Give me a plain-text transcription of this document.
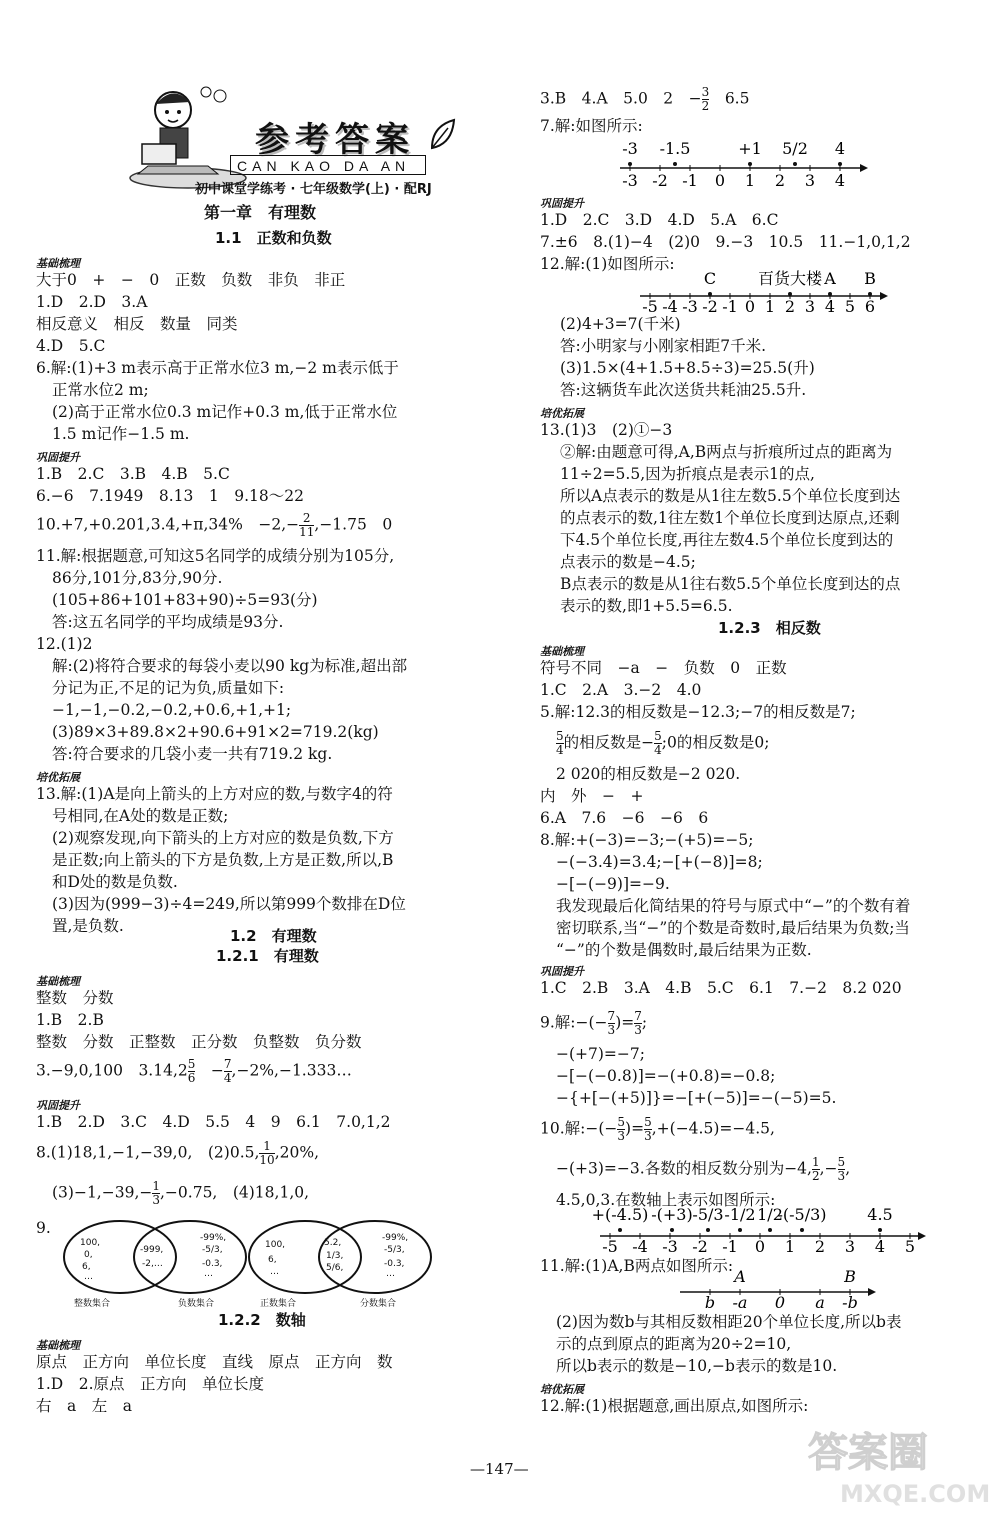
参考答案
CAN KAO DA AN
初中课堂学练考 · 七年级数学(上) · 配RJ
第一章　有理数
1.1　正数和负数
基础梳理
大于0　+　−　0　正数　负数　非负　非正
1.D　2.D　3.A
相反意义　相反　数量　同类
4.D　5.C
6.解:(1)+3 m表示高于正常水位3 m,−2 m表示低于
正常水位2 m;
(2)高于正常水位0.3 m记作+0.3 m,低于正常水位
1.5 m记作−1.5 m.
巩固提升
1.B　2.C　3.B　4.B　5.C
6.−6　7.1949　8.13　1　9.18～22
10.+7,+0.201,3.4,+π,34%　$-2,- \frac{2}{11} ,-1.75$　0
11.解:根据题意,可知这5名同学的成绩分别为105分,
86分,101分,83分,90分.
(105+86+101+83+90)÷5=93(分)
答:这五名同学的平均成绩是93分.
12.(1)2
解:(2)将符合要求的每袋小麦以90 kg为标准,超出部
分记为正,不足的记为负,质量如下:
−1,−1,−0.2,−0.2,+0.6,+1,+1;
(3)89×3+89.8×2+90.6+91×2=719.2(kg)
答:符合要求的几袋小麦一共有719.2 kg.
培优拓展
13.解:(1)A是向上箭头的上方对应的数,与数字4的符
号相同,在A处的数是正数;
(2)观察发现,向下箭头的上方对应的数是负数,下方
是正数;向上箭头的下方是负数,上方是正数,所以,B
和D处的数是负数.
(3)因为(999−3)÷4=249,所以第999个数排在D位
置,是负数.
1.2　有理数
1.2.1　有理数
基础梳理
整数　分数
1.B　2.B
整数　分数　正整数　正分数　负整数　负分数
3.−9,0,100　$3.14,2 \frac{5}{6}$ 　− $\frac{7}{4}$ ,−2%,−1.333…
巩固提升
1.B　2.D　3.C　4.D　5.5　4　9　6.1　7.0,1,2
8.(1)18,1,−1,−39,0,　(2)0.5, $\frac{1}{10} ,20\%$,
$(3)-1,-39,- \frac{1}{3} ,-0.75$,　(4)18,1,0,
9.
100,
0,
6,
…
-999,
-2,…
-99%,
-5/3,
-0.3,
…
整数集合	负数集合
100,
6,
…
5.2,
1/3,
5/6,
-99%,
-5/3,
-0.3,
…
正数集合	分数集合
1.2.2　数轴
基础梳理
原点　正方向　单位长度　直线　原点　正方向　数
1.D　2.原点　正方向　单位长度
右　a　左　a
3.B　4.A　5.0　2　− $\frac{3}{2}$ 　6.5
7.解:如图所示:
-3 -2 -1 0 1 2 3 4
-3 -1.5	+1 5/2 4
巩固提升
1.D　2.C　3.D　4.D　5.A　6.C
7.±6　8.(1)−4　(2)0　9.−3　10.5　11.−1,0,1,2
12.解:(1)如图所示:
-5 -4 -3 -2 -1 0 1 2 3 4 5 6
C	百货大楼 A B
(2)4+3=7(千米)
答:小明家与小刚家相距7千米.
(3)1.5×(4+1.5+8.5÷3)=25.5(升)
答:这辆货车此次送货共耗油25.5升.
培优拓展
13.(1)3　(2)①−3
②解:由题意可得,A,B两点与折痕所过点的距离为
11÷2=5.5,因为折痕点是表示1的点,
所以A点表示的数是从1往左数5.5个单位长度到达
的点表示的数,1往左数1个单位长度到达原点,还剩
下4.5个单位长度,再往左数4.5个单位长度到达的
点表示的数是−4.5;
B点表示的数是从1往右数5.5个单位长度到达的点
表示的数,即1+5.5=6.5.
1.2.3　相反数
基础梳理
符号不同　−a　−　负数　0　正数
1.C　2.A　3.−2　4.0
5.解:12.3的相反数是−12.3;−7的相反数是7;
$\frac{5}{4}$ 的相反数是− $\frac{5}{4}$ ;0的相反数是0;
2 020的相反数是−2 020.
内　外　−　+
6.A　7.6　−6　−6　6
8.解:+(−3)=−3;−(+5)=−5;
−(−3.4)=3.4;−[+(−8)]=8;
−[−(−9)]=−9.
我发现最后化简结果的符号与原式中“−”的个数有着
密切联系,当“−”的个数是奇数时,最后结果为负数;当
“−”的个数是偶数时,最后结果为正数.
巩固提升
1.C　2.B　3.A　4.B　5.C　6.1　7.−2　8.2 020
9.解:−(− $\frac{7}{3}$ )= $\frac{7}{3}$ ;
−(+7)=−7;
−[−(−0.8)]=−(+0.8)=−0.8;
−{+[−(+5)]}=−[+(−5)]=−(−5)=5.
10.解:−(− $\frac{5}{3}$ )= $\frac{5}{3} ,+(-4.5)=-4.5$,
−(+3)=−3.各数的相反数分别为−4, $\frac{1}{2}$ ,− $\frac{5}{3}$ ,
4.5,0,3.在数轴上表示如图所示:
-5 -4 -3 -2 -1 0 1 2 3 4 5
+(-4.5) -(+3) -5/3 -1/2 1/2
-(-5/3)	4.5
11.解:(1)A,B两点如图所示:
b -a 0 a -b
A	B
(2)因为数b与其相反数相距20个单位长度,所以b表
示的点到原点的距离为20÷2=10,
所以b表示的数是−10,−b表示的数是10.
培优拓展
12.解:(1)根据题意,画出原点,如图所示:
—147—	答案圈
MXQE.COM
